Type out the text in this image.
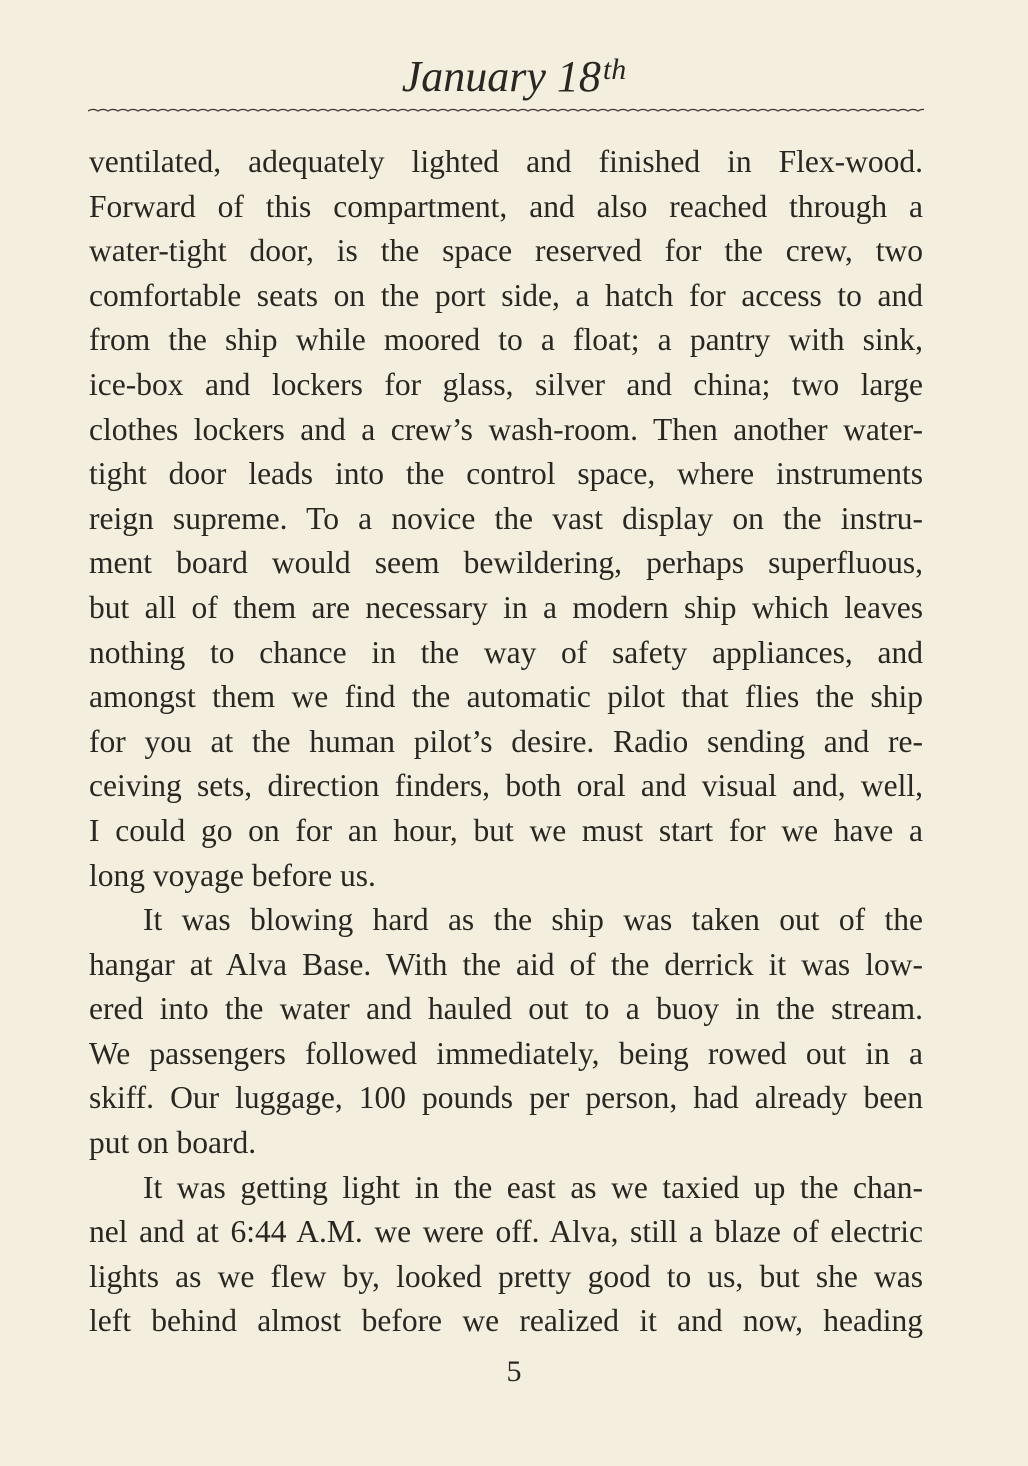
January 18th
ventilated, adequately lighted and finished in Flex-wood.
Forward of this compartment, and also reached through a
water-tight door, is the space reserved for the crew, two
comfortable seats on the port side, a hatch for access to and
from the ship while moored to a float; a pantry with sink,
ice-box and lockers for glass, silver and china; two large
clothes lockers and a crew’s wash-room. Then another water-
tight door leads into the control space, where instruments
reign supreme. To a novice the vast display on the instru-
ment board would seem bewildering, perhaps superfluous,
but all of them are necessary in a modern ship which leaves
nothing to chance in the way of safety appliances, and
amongst them we find the automatic pilot that flies the ship
for you at the human pilot’s desire. Radio sending and re-
ceiving sets, direction finders, both oral and visual and, well,
I could go on for an hour, but we must start for we have a
long voyage before us.
It was blowing hard as the ship was taken out of the
hangar at Alva Base. With the aid of the derrick it was low-
ered into the water and hauled out to a buoy in the stream.
We passengers followed immediately, being rowed out in a
skiff. Our luggage, 100 pounds per person, had already been
put on board.
It was getting light in the east as we taxied up the chan-
nel and at 6:44 A.M. we were off. Alva, still a blaze of electric
lights as we flew by, looked pretty good to us, but she was
left behind almost before we realized it and now, heading
5
